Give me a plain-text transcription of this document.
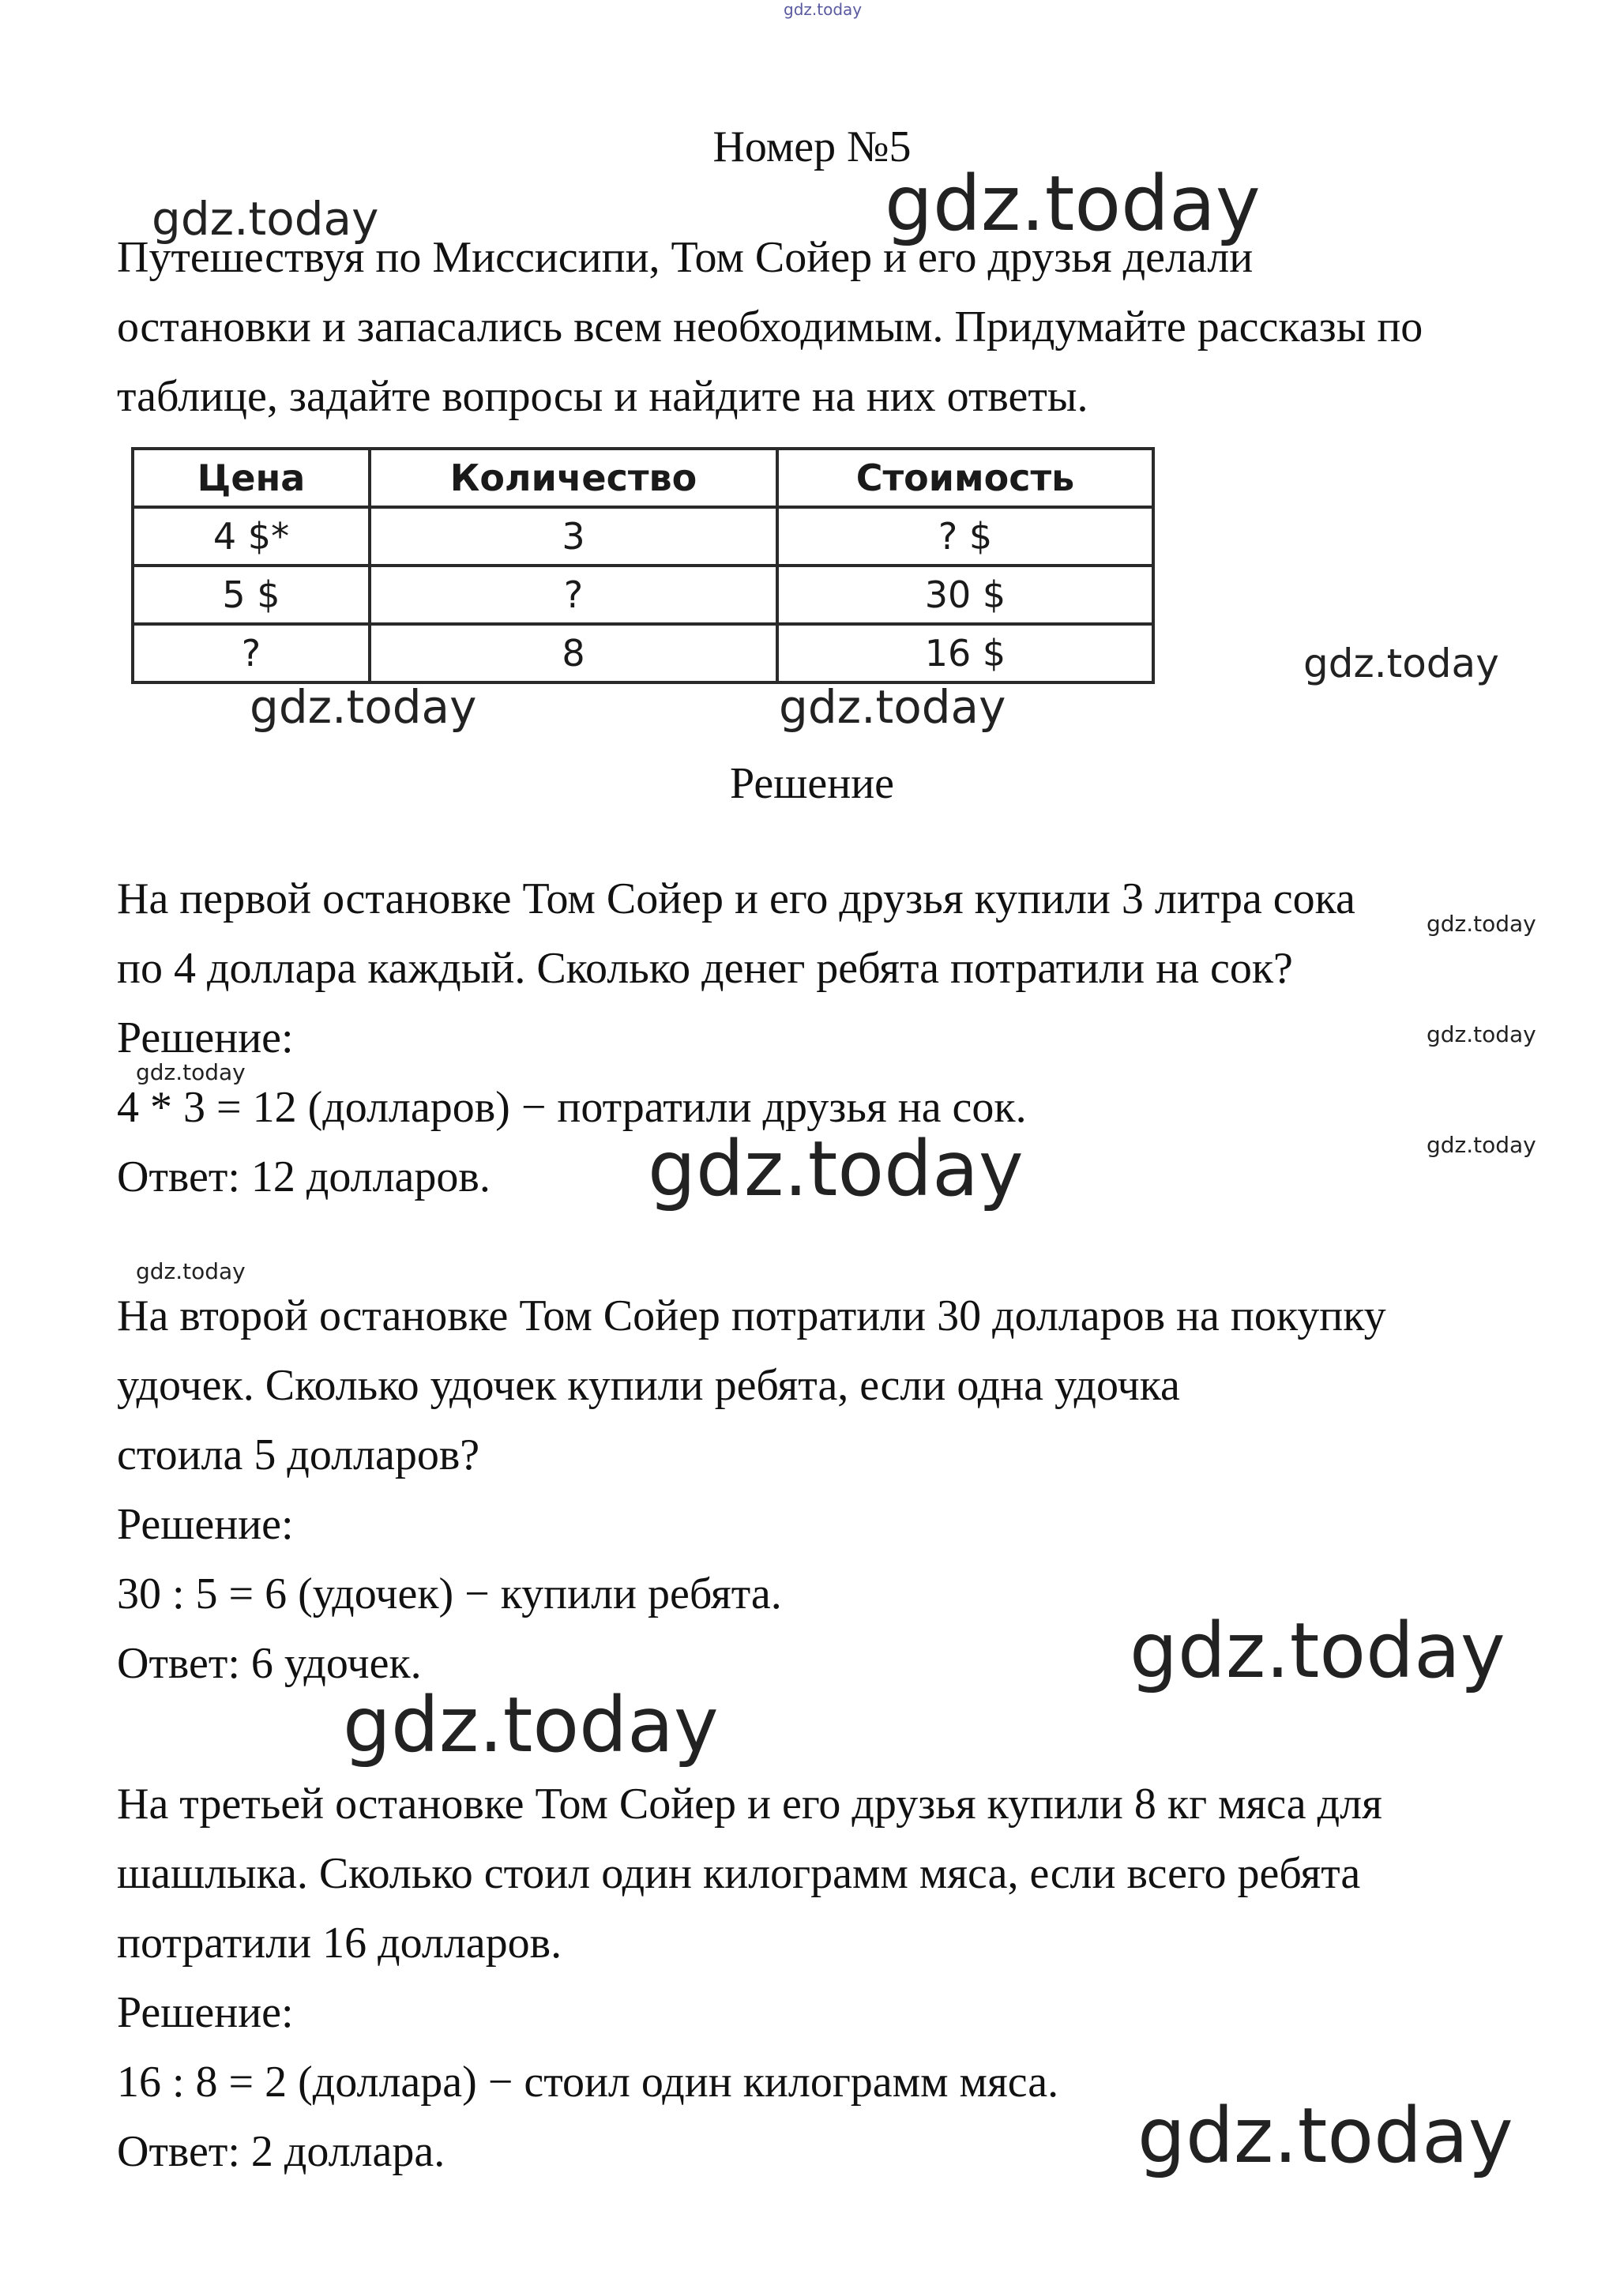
gdz.today
Номер №5
gdz.today
gdz.today
Путешествуя по Миссисипи, Том Сойер и его друзья делали
остановки и запасались всем необходимым. Придумайте рассказы по
таблице, задайте вопросы и найдите на них ответы.
Цена	Количество	Стоимость
4 $*	3	? $
5 $	?	30 $
?	8	16 $	gdz.today
gdz.today	gdz.today
Решение
На первой остановке Том Сойер и его друзья купили 3 литра сока
по 4 доллара каждый. Сколько денег ребята потратили на сок?
Решение:
4 * 3 = 12 (долларов) − потратили друзья на сок.
Ответ: 12 долларов.
gdz.today
gdz.today
gdz.today
gdz.today
gdz.today
gdz.today
На второй остановке Том Сойер потратили 30 долларов на покупку
удочек. Сколько удочек купили ребята, если одна удочка
стоила 5 долларов?
Решение:
30 : 5 = 6 (удочек) − купили ребята.
Ответ: 6 удочек.	gdz.today
gdz.today
На третьей остановке Том Сойер и его друзья купили 8 кг мяса для
шашлыка. Сколько стоил один килограмм мяса, если всего ребята
потратили 16 долларов.
Решение:
16 : 8 = 2 (доллара) − стоил один килограмм мяса.
Ответ: 2 доллара.	gdz.today
